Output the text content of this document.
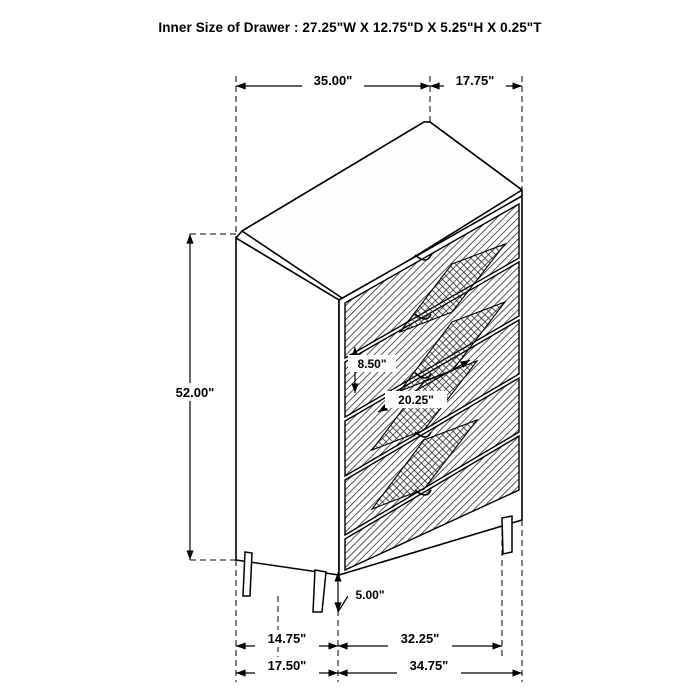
Inner Size of Drawer : 27.25"W X 12.75"D X 5.25"H X 0.25"T
35.00"	17.75"
52.00"
8.50"
20.25"
5.00"
14.75"	32.25"
17.50"	34.75"
